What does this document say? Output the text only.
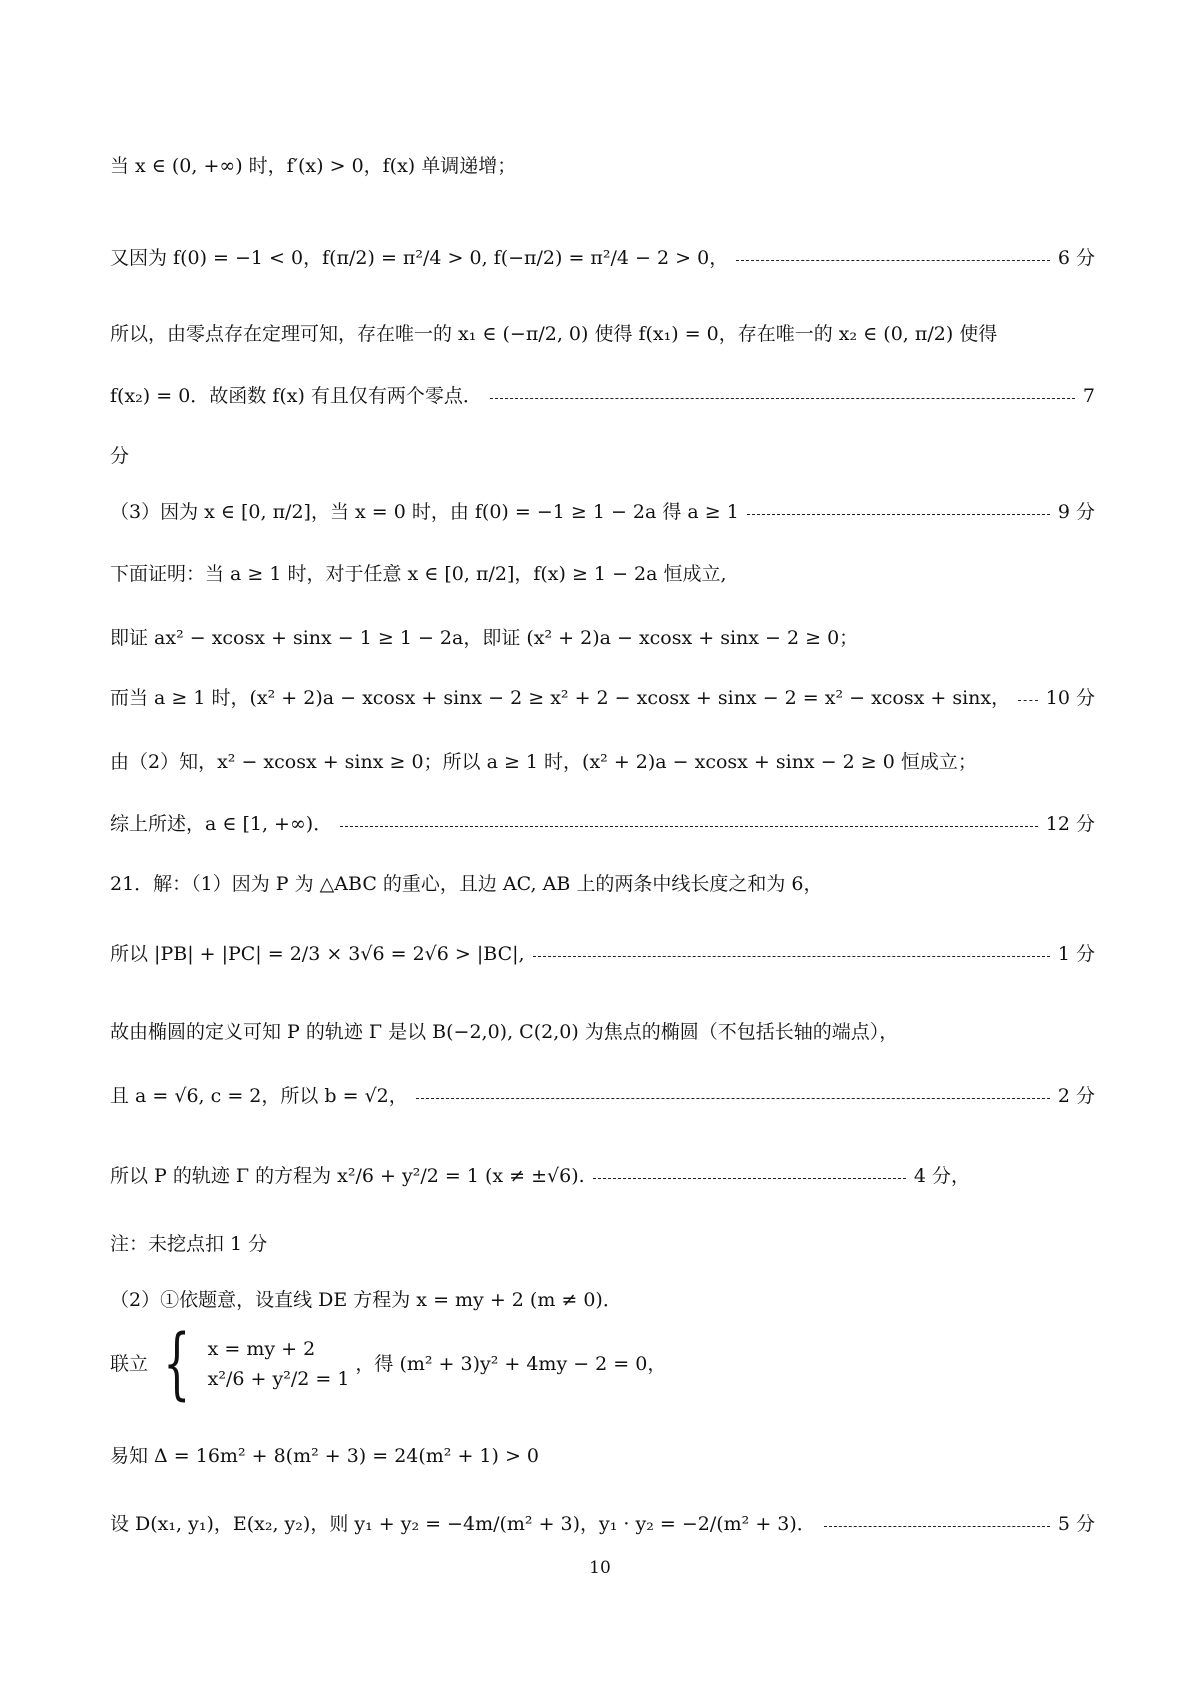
当 x ∈ (0, +∞) 时，f′(x) > 0，f(x) 单调递增；
又因为 f(0) = −1 < 0，f(π/2) = π²/4 > 0, f(−π/2) = π²/4 − 2 > 0，	6 分
所以，由零点存在定理可知，存在唯一的 x₁ ∈ (−π/2, 0) 使得 f(x₁) = 0，存在唯一的 x₂ ∈ (0, π/2) 使得
f(x₂) = 0．故函数 f(x) 有且仅有两个零点．	7
分
（3）因为 x ∈ [0, π/2]，当 x = 0 时，由 f(0) = −1 ≥ 1 − 2a 得 a ≥ 1	9 分
下面证明：当 a ≥ 1 时，对于任意 x ∈ [0, π/2]，f(x) ≥ 1 − 2a 恒成立,
即证 ax² − xcosx + sinx − 1 ≥ 1 − 2a，即证 (x² + 2)a − xcosx + sinx − 2 ≥ 0；
而当 a ≥ 1 时，(x² + 2)a − xcosx + sinx − 2 ≥ x² + 2 − xcosx + sinx − 2 = x² − xcosx + sinx， 10 分
由（2）知，x² − xcosx + sinx ≥ 0；所以 a ≥ 1 时，(x² + 2)a − xcosx + sinx − 2 ≥ 0 恒成立；
综上所述，a ∈ [1, +∞)．	12 分
21．解：（1）因为 P 为 △ABC 的重心，且边 AC, AB 上的两条中线长度之和为 6，
所以 |PB| + |PC| = 2/3 × 3√6 = 2√6 > |BC|,	1 分
故由椭圆的定义可知 P 的轨迹 Γ 是以 B(−2,0), C(2,0) 为焦点的椭圆（不包括长轴的端点），
且 a = √6, c = 2，所以 b = √2，	2 分
所以 P 的轨迹 Γ 的方程为 x²/6 + y²/2 = 1 (x ≠ ±√6).	4 分，
注：未挖点扣 1 分
（2）①依题意，设直线 DE 方程为 x = my + 2 (m ≠ 0)．
联立 { x = my + 2
x²/6 + y²/2 = 1
，得 (m² + 3)y² + 4my − 2 = 0，
易知 Δ = 16m² + 8(m² + 3) = 24(m² + 1) > 0
设 D(x₁, y₁)，E(x₂, y₂)，则 y₁ + y₂ = −4m/(m² + 3)，y₁ · y₂ = −2/(m² + 3)．	5 分
10
